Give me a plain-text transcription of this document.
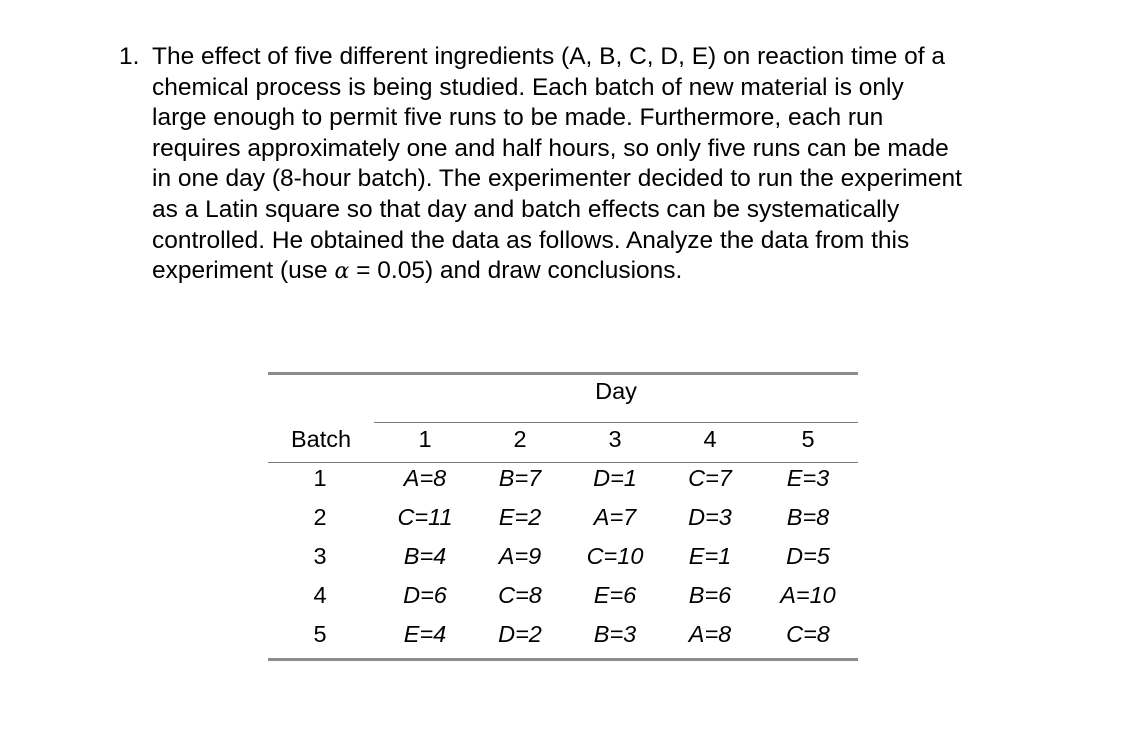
1. The effect of five different ingredients (A, B, C, D, E) on reaction time of a
chemical process is being studied. Each batch of new material is only
large enough to permit five runs to be made. Furthermore, each run
requires approximately one and half hours, so only five runs can be made
in one day (8-hour batch). The experimenter decided to run the experiment
as a Latin square so that day and batch effects can be systematically
controlled. He obtained the data as follows. Analyze the data from this
experiment (use α = 0.05) and draw conclusions.
Day
Batch	1	2	3	4	5
1	A=8	B=7	D=1	C=7	E=3
2	C=11	E=2	A=7	D=3	B=8
3	B=4	A=9	C=10	E=1	D=5
4	D=6	C=8	E=6	B=6	A=10
5	E=4	D=2	B=3	A=8	C=8
